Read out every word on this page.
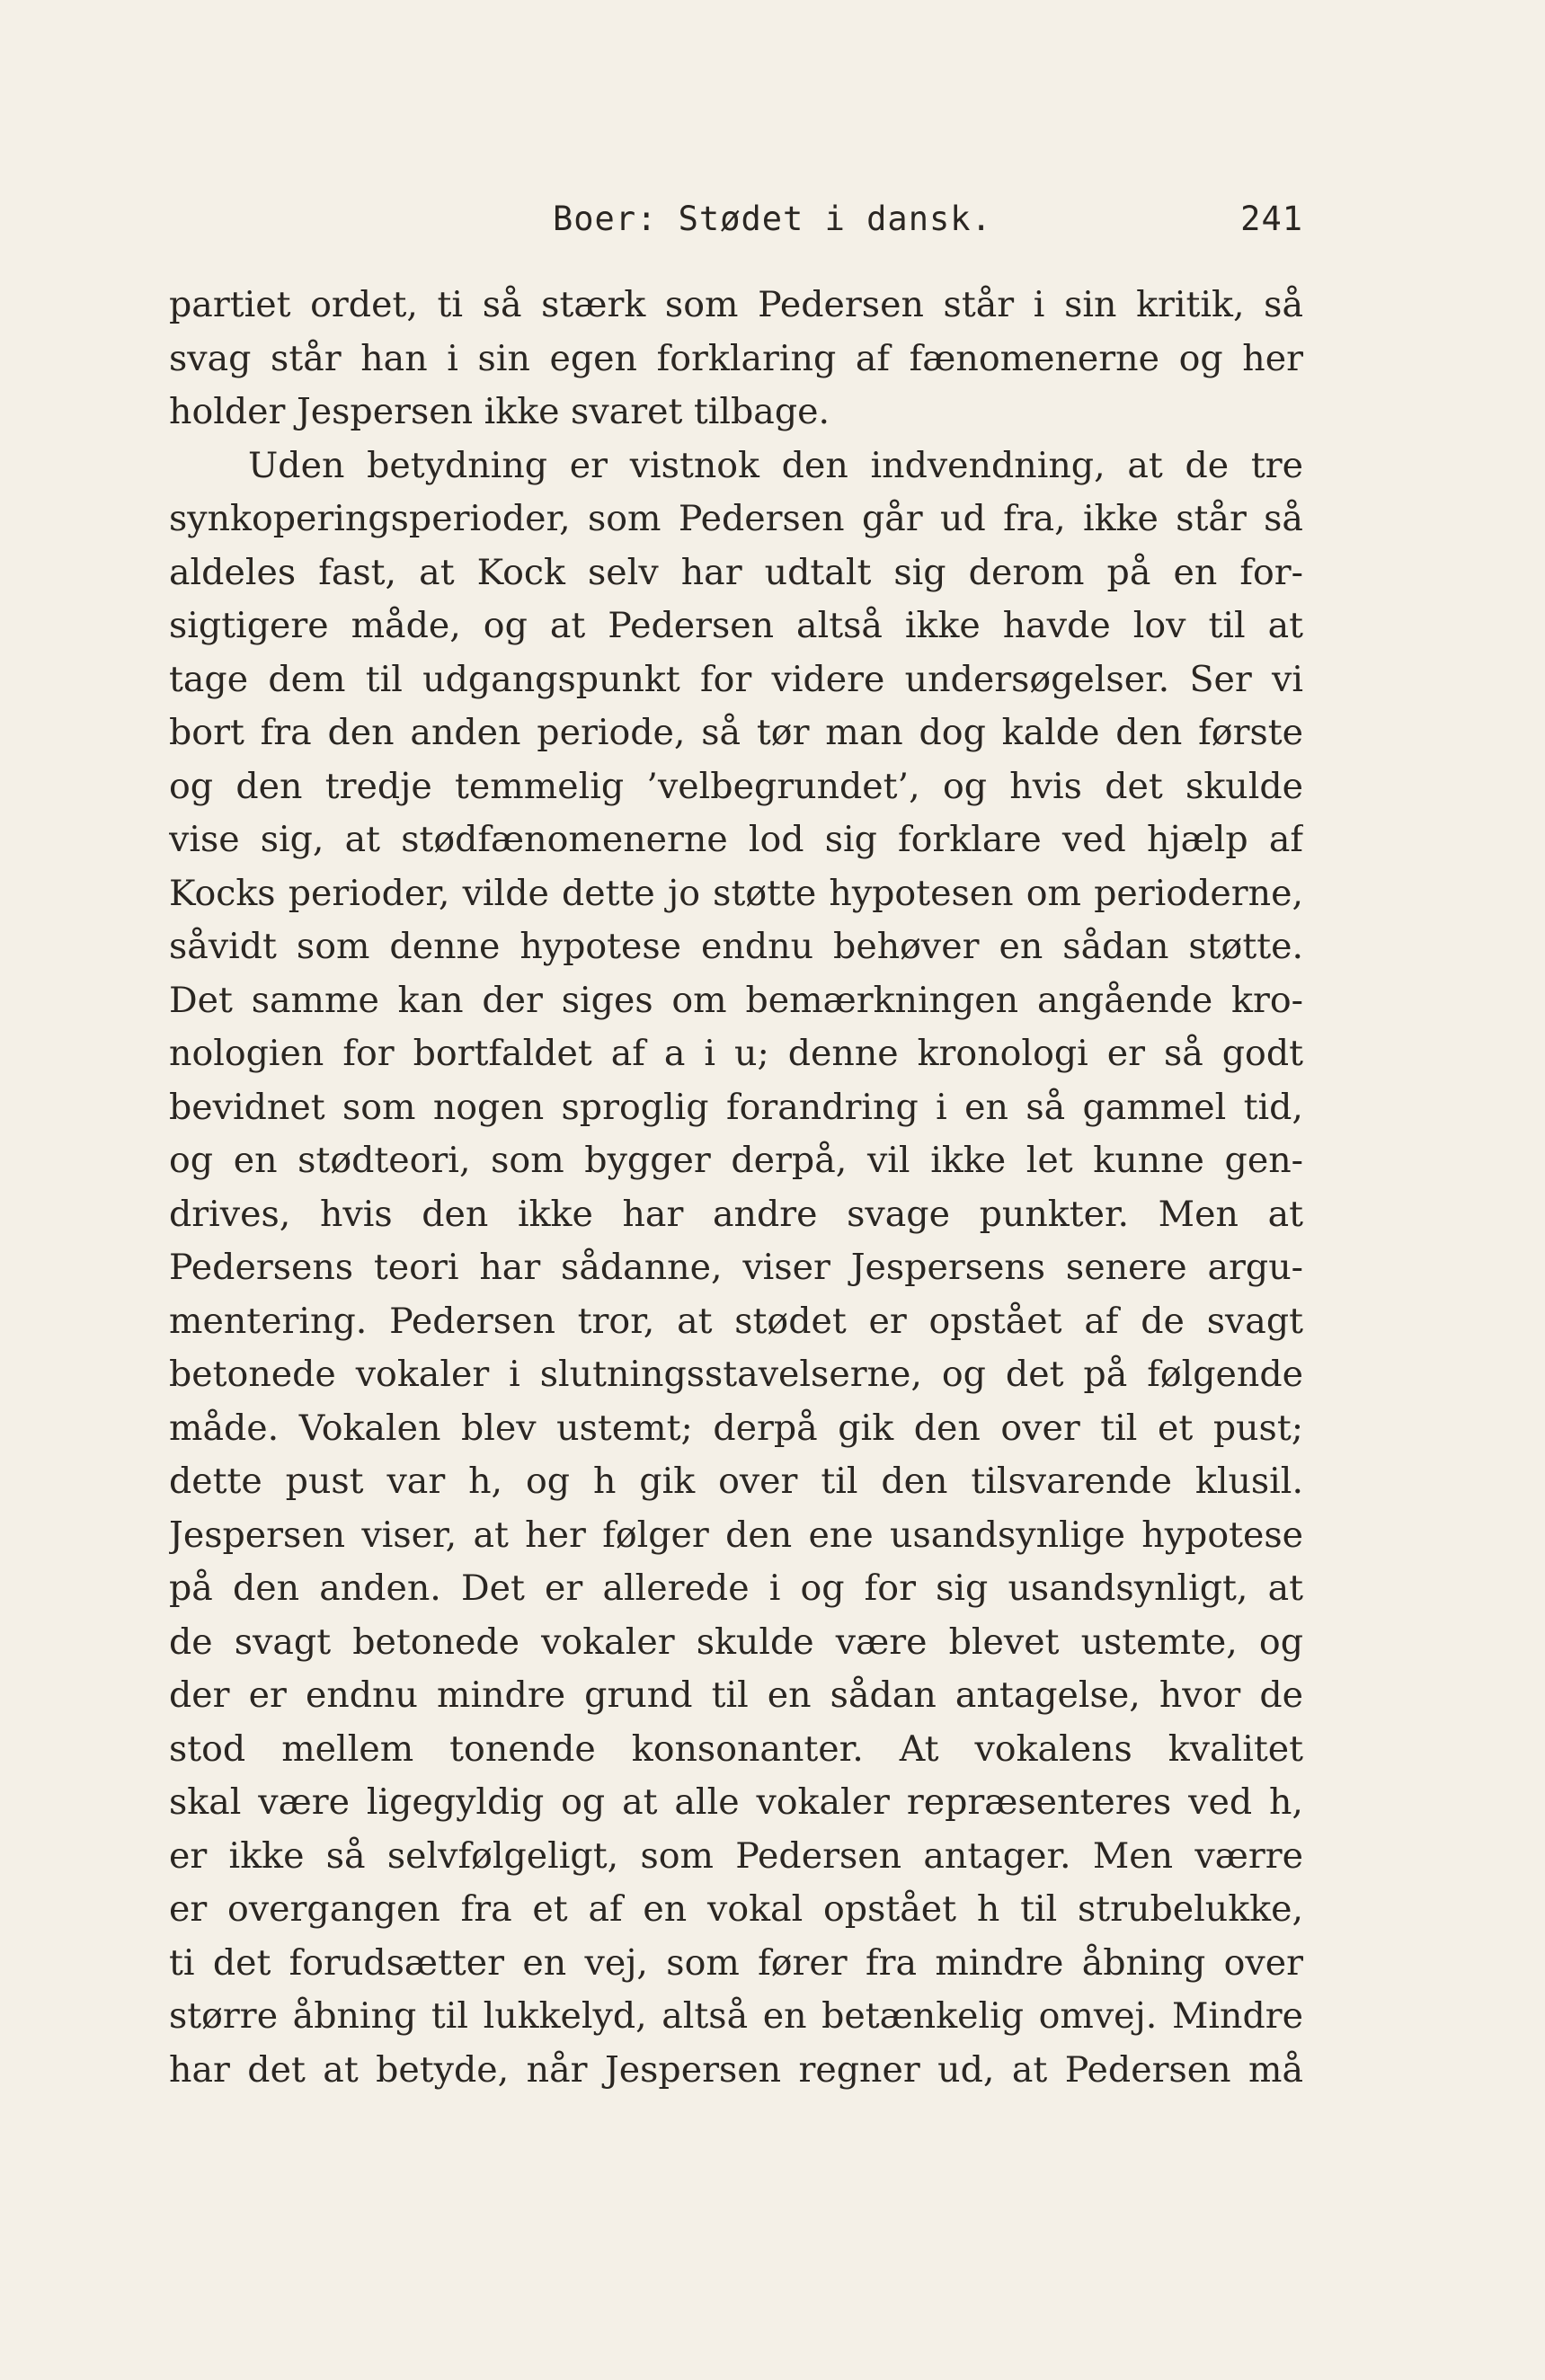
Boer: Stødet i dansk.	241
partiet ordet, ti så stærk som Pedersen står i sin kritik, så
svag står han i sin egen forklaring af fænomenerne og her
holder Jespersen ikke svaret tilbage.
Uden betydning er vistnok den indvendning, at de tre
synkoperingsperioder, som Pedersen går ud fra, ikke står så
aldeles fast, at Kock selv har udtalt sig derom på en for-
sigtigere måde, og at Pedersen altså ikke havde lov til at
tage dem til udgangspunkt for videre undersøgelser. Ser vi
bort fra den anden periode, så tør man dog kalde den første
og den tredje temmelig ’velbegrundet’, og hvis det skulde
vise sig, at stødfænomenerne lod sig forklare ved hjælp af
Kocks perioder, vilde dette jo støtte hypotesen om perioderne,
såvidt som denne hypotese endnu behøver en sådan støtte.
Det samme kan der siges om bemærkningen angående kro-
nologien for bortfaldet af a i u; denne kronologi er så godt
bevidnet som nogen sproglig forandring i en så gammel tid,
og en stødteori, som bygger derpå, vil ikke let kunne gen-
drives, hvis den ikke har andre svage punkter. Men at
Pedersens teori har sådanne, viser Jespersens senere argu-
mentering. Pedersen tror, at stødet er opstået af de svagt
betonede vokaler i slutningsstavelserne, og det på følgende
måde. Vokalen blev ustemt; derpå gik den over til et pust;
dette pust var h, og h gik over til den tilsvarende klusil.
Jespersen viser, at her følger den ene usandsynlige hypotese
på den anden. Det er allerede i og for sig usandsynligt, at
de svagt betonede vokaler skulde være blevet ustemte, og
der er endnu mindre grund til en sådan antagelse, hvor de
stod mellem tonende konsonanter. At vokalens kvalitet
skal være ligegyldig og at alle vokaler repræsenteres ved h,
er ikke så selvfølgeligt, som Pedersen antager. Men værre
er overgangen fra et af en vokal opstået h til strubelukke,
ti det forudsætter en vej, som fører fra mindre åbning over
større åbning til lukkelyd, altså en betænkelig omvej. Mindre
har det at betyde, når Jespersen regner ud, at Pedersen må
